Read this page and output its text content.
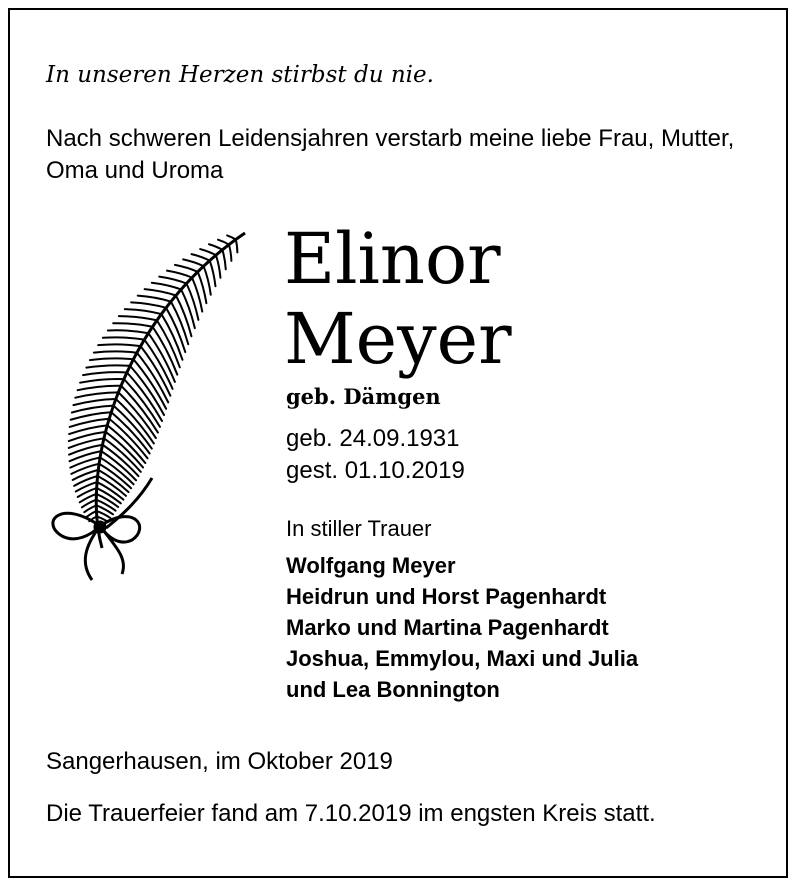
In unseren Herzen stirbst du nie.
Nach schweren Leidensjahren verstarb meine liebe Frau, Mutter, Oma und Uroma
Elinor
Meyer
geb. Dämgen
geb. 24.09.1931
gest. 01.10.2019
In stiller Trauer
Wolfgang Meyer
Heidrun und Horst Pagenhardt
Marko und Martina Pagenhardt
Joshua, Emmylou, Maxi und Julia
und Lea Bonnington
Sangerhausen, im Oktober 2019
Die Trauerfeier fand am 7.10.2019 im engsten Kreis statt.
